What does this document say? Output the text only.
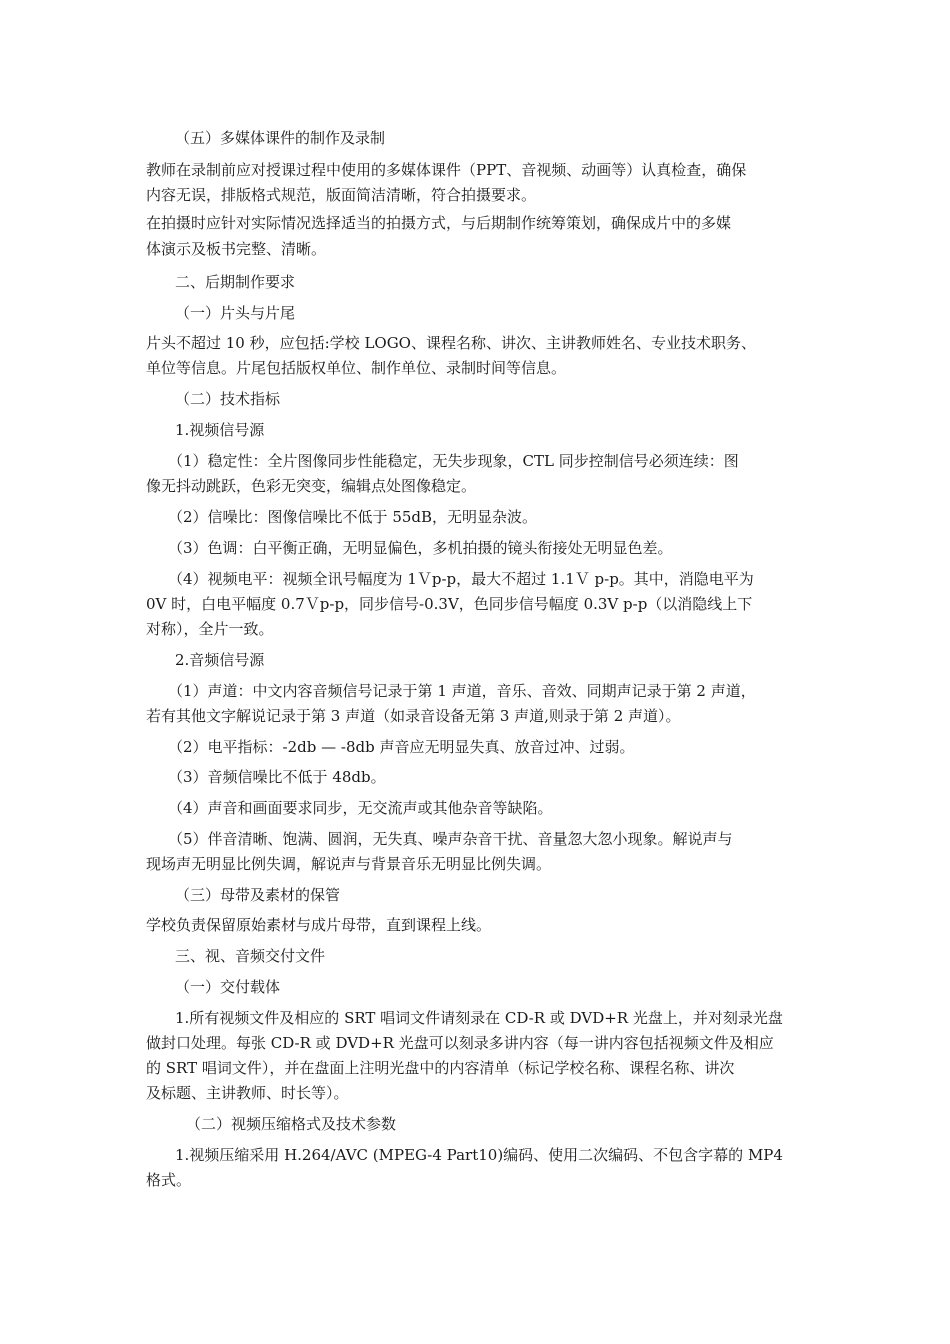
（五）多媒体课件的制作及录制
教师在录制前应对授课过程中使用的多媒体课件（PPT、音视频、动画等）认真检查，确保
内容无误，排版格式规范，版面简洁清晰，符合拍摄要求。
在拍摄时应针对实际情况选择适当的拍摄方式，与后期制作统筹策划，确保成片中的多媒
体演示及板书完整、清晰。
二、后期制作要求
（一）片头与片尾
片头不超过 10 秒，应包括:学校 LOGO、课程名称、讲次、主讲教师姓名、专业技术职务、
单位等信息。片尾包括版权单位、制作单位、录制时间等信息。
（二）技术指标
1.视频信号源
（1）稳定性：全片图像同步性能稳定，无失步现象，CTL 同步控制信号必须连续：图
像无抖动跳跃，色彩无突变，编辑点处图像稳定。
（2）信噪比：图像信噪比不低于 55dB，无明显杂波。
（3）色调：白平衡正确，无明显偏色，多机拍摄的镜头衔接处无明显色差。
（4）视频电平：视频全讯号幅度为 1Ｖp-p，最大不超过 1.1Ｖ p-p。其中，消隐电平为
0V 时，白电平幅度 0.7Ｖp-p，同步信号-0.3V，色同步信号幅度 0.3V p-p（以消隐线上下
对称），全片一致。
2.音频信号源
（1）声道：中文内容音频信号记录于第 1 声道，音乐、音效、同期声记录于第 2 声道，
若有其他文字解说记录于第 3 声道（如录音设备无第 3 声道,则录于第 2 声道）。
（2）电平指标：-2db — -8db 声音应无明显失真、放音过冲、过弱。
（3）音频信噪比不低于 48db。
（4）声音和画面要求同步，无交流声或其他杂音等缺陷。
（5）伴音清晰、饱满、圆润，无失真、噪声杂音干扰、音量忽大忽小现象。解说声与
现场声无明显比例失调，解说声与背景音乐无明显比例失调。
（三）母带及素材的保管
学校负责保留原始素材与成片母带，直到课程上线。
三、视、音频交付文件
（一）交付载体
1.所有视频文件及相应的 SRT 唱词文件请刻录在 CD-R 或 DVD+R 光盘上，并对刻录光盘
做封口处理。每张 CD-R 或 DVD+R 光盘可以刻录多讲内容（每一讲内容包括视频文件及相应
的 SRT 唱词文件），并在盘面上注明光盘中的内容清单（标记学校名称、课程名称、讲次
及标题、主讲教师、时长等）。
（二）视频压缩格式及技术参数
1.视频压缩采用 H.264/AVC (MPEG-4 Part10)编码、使用二次编码、不包含字幕的 MP4
格式。
